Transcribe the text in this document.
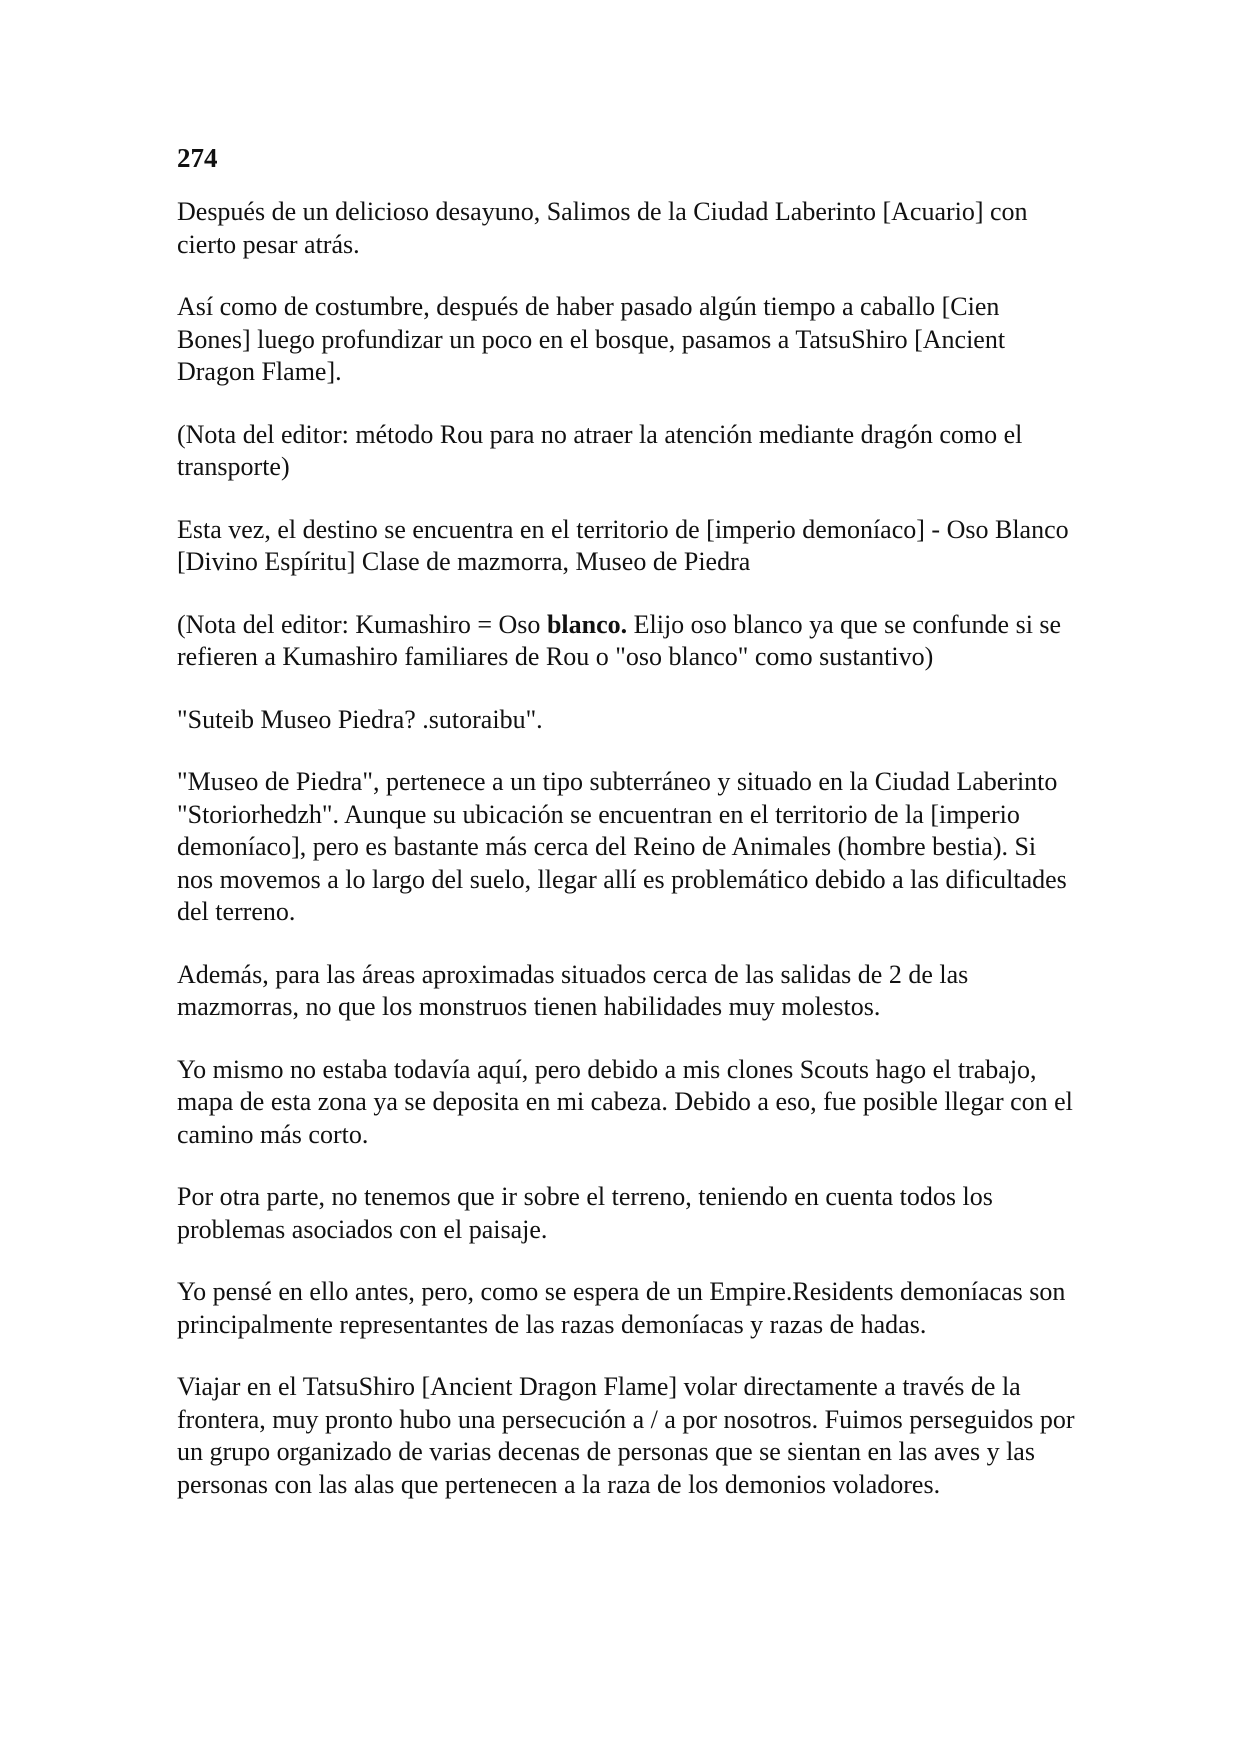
274

Después de un delicioso desayuno, Salimos de la Ciudad Laberinto [Acuario] con cierto pesar atrás.

Así como de costumbre, después de haber pasado algún tiempo a caballo [Cien Bones] luego profundizar un poco en el bosque, pasamos a TatsuShiro [Ancient Dragon Flame].

(Nota del editor: método Rou para no atraer la atención mediante dragón como el transporte)

Esta vez, el destino se encuentra en el territorio de [imperio demoníaco] - Oso Blanco [Divino Espíritu] Clase de mazmorra, Museo de Piedra

(Nota del editor: Kumashiro = Oso blanco. Elijo oso blanco ya que se confunde si se refieren a Kumashiro familiares de Rou o "oso blanco" como sustantivo)

"Suteib Museo Piedra? .sutoraibu".

"Museo de Piedra", pertenece a un tipo subterráneo y situado en la Ciudad Laberinto "Storiorhedzh". Aunque su ubicación se encuentran en el territorio de la [imperio demoníaco], pero es bastante más cerca del Reino de Animales (hombre bestia). Si nos movemos a lo largo del suelo, llegar allí es problemático debido a las dificultades del terreno.

Además, para las áreas aproximadas situados cerca de las salidas de 2 de las mazmorras, no que los monstruos tienen habilidades muy molestos.

Yo mismo no estaba todavía aquí, pero debido a mis clones Scouts hago el trabajo, mapa de esta zona ya se deposita en mi cabeza. Debido a eso, fue posible llegar con el camino más corto.

Por otra parte, no tenemos que ir sobre el terreno, teniendo en cuenta todos los problemas asociados con el paisaje.

Yo pensé en ello antes, pero, como se espera de un Empire.Residents demoníacas son principalmente representantes de las razas demoníacas y razas de hadas.

Viajar en el TatsuShiro [Ancient Dragon Flame] volar directamente a través de la frontera, muy pronto hubo una persecución a / a por nosotros. Fuimos perseguidos por un grupo organizado de varias decenas de personas que se sientan en las aves y las personas con las alas que pertenecen a la raza de los demonios voladores.
